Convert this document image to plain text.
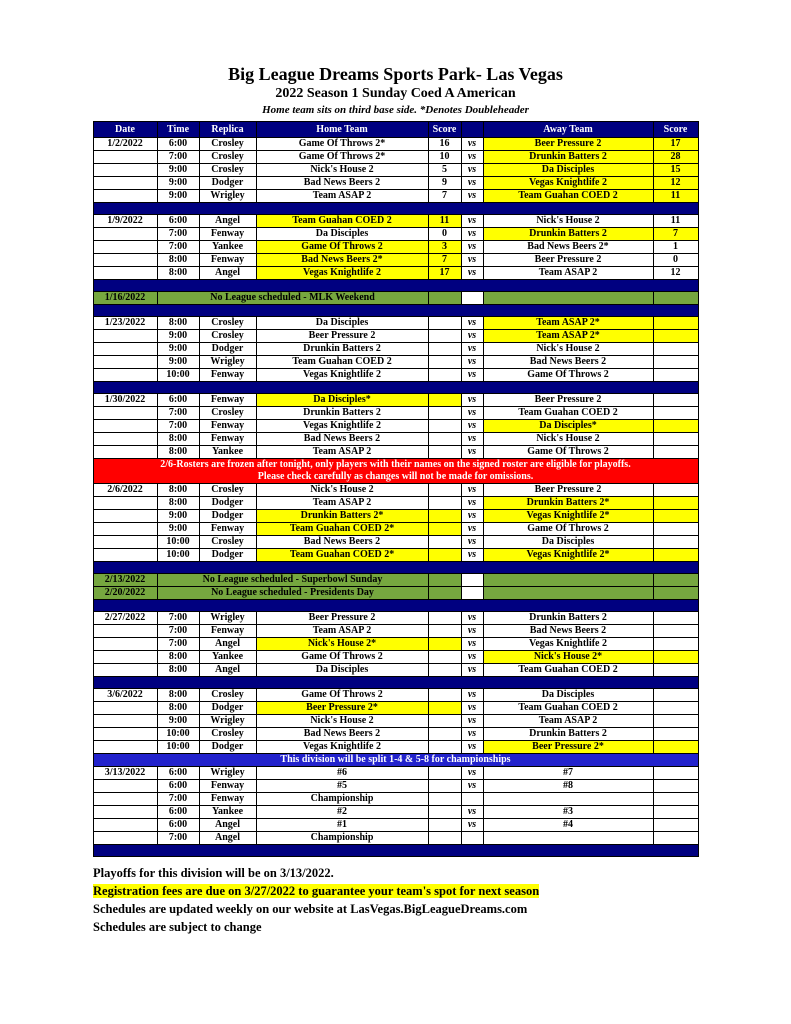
Big League Dreams Sports Park- Las Vegas
2022 Season 1 Sunday Coed A American
Home team sits on third base side. *Denotes Doubleheader
Date	Time	Replica	Home Team	Score		Away Team	Score
1/2/2022	6:00	Crosley	Game Of Throws 2*	16	vs	Beer Pressure 2	17
	7:00	Crosley	Game Of Throws 2*	10	vs	Drunkin Batters 2	28
	9:00	Crosley	Nick's House 2	5	vs	Da Disciples	15
	9:00	Dodger	Bad News Beers 2	9	vs	Vegas Knightlife 2	12
	9:00	Wrigley	Team ASAP 2	7	vs	Team Guahan COED 2	11

1/9/2022	6:00	Angel	Team Guahan COED 2	11	vs	Nick's House 2	11
	7:00	Fenway	Da Disciples	0	vs	Drunkin Batters 2	7
	7:00	Yankee	Game Of Throws 2	3	vs	Bad News Beers 2*	1
	8:00	Fenway	Bad News Beers 2*	7	vs	Beer Pressure 2	0
	8:00	Angel	Vegas Knightlife 2	17	vs	Team ASAP 2	12

1/16/2022	No League scheduled - MLK Weekend						

1/23/2022	8:00	Crosley	Da Disciples		vs	Team ASAP 2*	
	9:00	Crosley	Beer Pressure 2		vs	Team ASAP 2*	
	9:00	Dodger	Drunkin Batters 2		vs	Nick's House 2	
	9:00	Wrigley	Team Guahan COED 2		vs	Bad News Beers 2	
	10:00	Fenway	Vegas Knightlife 2		vs	Game Of Throws 2	

1/30/2022	6:00	Fenway	Da Disciples*		vs	Beer Pressure 2	
	7:00	Crosley	Drunkin Batters 2		vs	Team Guahan COED 2	
	7:00	Fenway	Vegas Knightlife 2		vs	Da Disciples*	
	8:00	Fenway	Bad News Beers 2		vs	Nick's House 2	
	8:00	Yankee	Team ASAP 2		vs	Game Of Throws 2	

2/6-Rosters are frozen after tonight, only players with their names on the signed roster are eligible for playoffs.
Please check carefully as changes will not be made for omissions.							

2/6/2022	8:00	Crosley	Nick's House 2		vs	Beer Pressure 2	
	8:00	Dodger	Team ASAP 2		vs	Drunkin Batters 2*	
	9:00	Dodger	Drunkin Batters 2*		vs	Vegas Knightlife 2*	
	9:00	Fenway	Team Guahan COED 2*		vs	Game Of Throws 2	
	10:00	Crosley	Bad News Beers 2		vs	Da Disciples	
	10:00	Dodger	Team Guahan COED 2*		vs	Vegas Knightlife 2*	

2/13/2022	No League scheduled - Superbowl Sunday						
2/20/2022	No League scheduled - Presidents Day						

2/27/2022	7:00	Wrigley	Beer Pressure 2		vs	Drunkin Batters 2	
	7:00	Fenway	Team ASAP 2		vs	Bad News Beers 2	
	7:00	Angel	Nick's House 2*		vs	Vegas Knightlife 2	
	8:00	Yankee	Game Of Throws 2		vs	Nick's House 2*	
	8:00	Angel	Da Disciples		vs	Team Guahan COED 2	

3/6/2022	8:00	Crosley	Game Of Throws 2		vs	Da Disciples	
	8:00	Dodger	Beer Pressure 2*		vs	Team Guahan COED 2	
	9:00	Wrigley	Nick's House 2		vs	Team ASAP 2	
	10:00	Crosley	Bad News Beers 2		vs	Drunkin Batters 2	
	10:00	Dodger	Vegas Knightlife 2		vs	Beer Pressure 2*	
This division will be split 1-4 & 5-8 for championships							
3/13/2022	6:00	Wrigley	#6		vs	#7	
	6:00	Fenway	#5		vs	#8	
	7:00	Fenway	Championship				
	6:00	Yankee	#2		vs	#3	
	6:00	Angel	#1		vs	#4	
	7:00	Angel	Championship				

Playoffs for this division will be on 3/13/2022.
Registration fees are due on 3/27/2022 to guarantee your team's spot for next season
Schedules are updated weekly on our website at LasVegas.BigLeagueDreams.com
Schedules are subject to change
